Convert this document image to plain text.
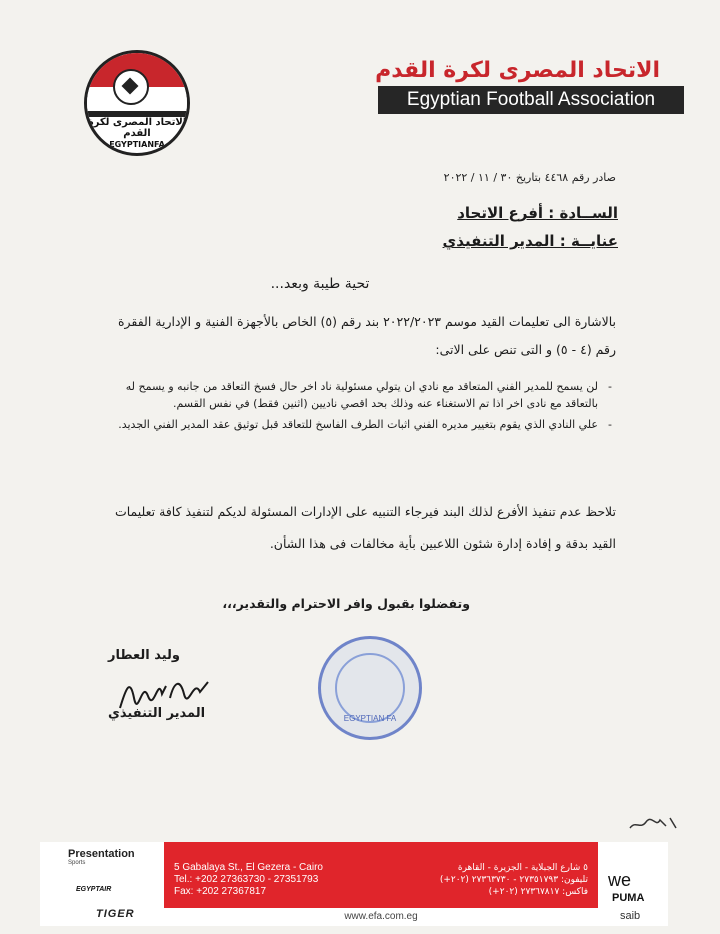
الاتحاد المصرى لكرة القدم
EGYPTIANFA
الاتحاد المصرى لكرة القدم
Egyptian Football Association
صادر رقم ٤٤٦٨ بتاريخ ٣٠ / ١١ / ٢٠٢٢
الســادة : أفرع الاتحاد
عنايــة : المدير التنفيذي
تحية طيبة وبعد...
بالاشارة الى تعليمات القيد موسم ٢٠٢٢/٢٠٢٣ بند رقم (٥) الخاص بالأجهزة الفنية و الإدارية الفقرة رقم (٤ - ٥) و التى تنص على الاتى:
- لن يسمح للمدير الفني المتعاقد مع نادي ان يتولي مسئولية ناد اخر حال فسخ التعاقد من جانبه و يسمح له بالتعاقد مع نادى اخر اذا تم الاستغناء عنه وذلك بحد اقصي ناديين (اثنين فقط) في نفس القسم.
- علي النادي الذي يقوم بتغيير مديره الفني اثبات الطرف الفاسخ للتعاقد قبل توثيق عقد المدير الفني الجديد.
تلاحظ عدم تنفيذ الأفرع لذلك البند فيرجاء التنبيه على الإدارات المسئولة لديكم لتنفيذ كافة تعليمات القيد بدقة و إفادة إدارة شئون اللاعبين بأية مخالفات فى هذا الشأن.
وتفضلوا بقبول وافر الاحترام والتقدير،،،
وليد العطار
المدير التنفيذي	EGYPTIAN FA
5 Gabalaya St., El Gezera - Cairo
Tel.: +202 27363730 - 27351793
Fax: +202 27367817
٥ شارع الجبلاية - الجزيرة - القاهرة
تليفون: ٢٧٣٥١٧٩٣ - ٢٧٣٦٣٧٣٠ (٢٠٢+)
فاكس: ٢٧٣٦٧٨١٧ (٢٠٢+)
www.efa.com.eg
Presentation
Sports
EGYPTAIR
TIGER
we
PUMA
saib
